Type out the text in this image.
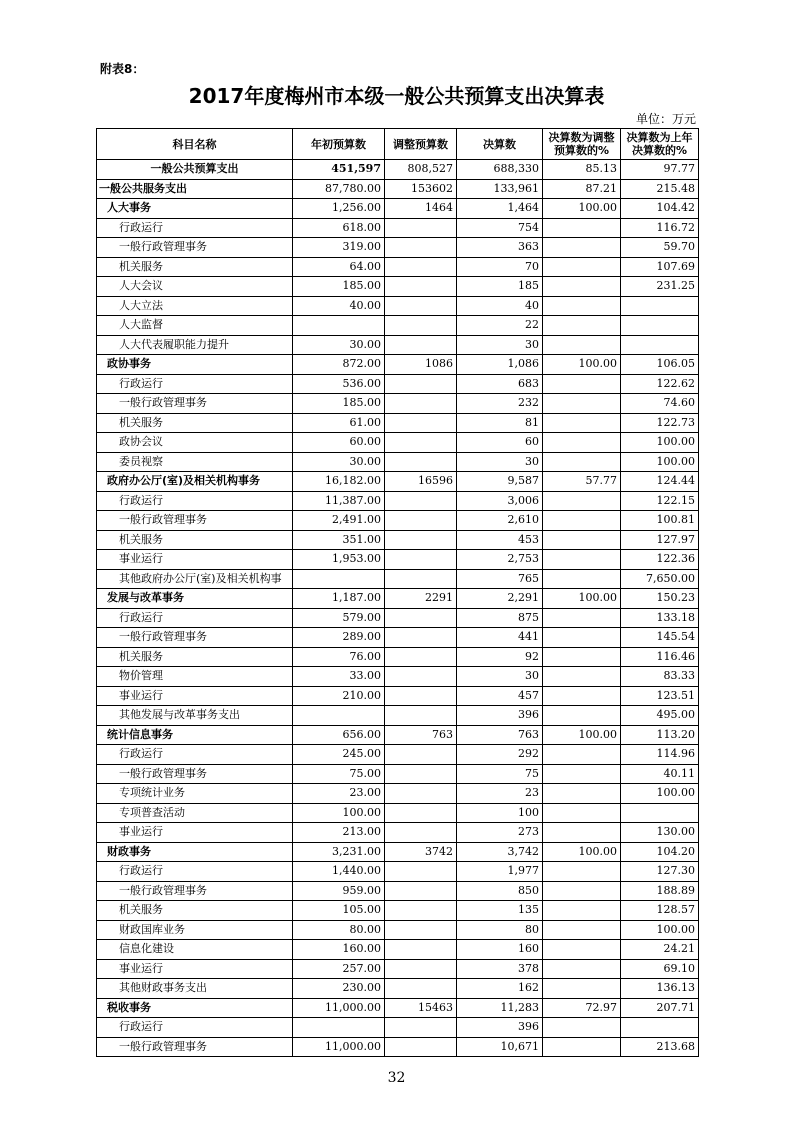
附表8：
2017年度梅州市本级一般公共预算支出决算表
单位：万元
科目名称	年初预算数	调整预算数	决算数	决算数为调整预算数的%	决算数为上年决算数的%
一般公共预算支出	451,597	808,527	688,330	85.13	97.77
一般公共服务支出	87,780.00	153602	133,961	87.21	215.48
人大事务	1,256.00	1464	1,464	100.00	104.42
行政运行	618.00		754		116.72
一般行政管理事务	319.00		363		59.70
机关服务	64.00		70		107.69
人大会议	185.00		185		231.25
人大立法	40.00		40		
人大监督			22		
人大代表履职能力提升	30.00		30		
政协事务	872.00	1086	1,086	100.00	106.05
行政运行	536.00		683		122.62
一般行政管理事务	185.00		232		74.60
机关服务	61.00		81		122.73
政协会议	60.00		60		100.00
委员视察	30.00		30		100.00
政府办公厅(室)及相关机构事务	16,182.00	16596	9,587	57.77	124.44
行政运行	11,387.00		3,006		122.15
一般行政管理事务	2,491.00		2,610		100.81
机关服务	351.00		453		127.97
事业运行	1,953.00		2,753		122.36
其他政府办公厅(室)及相关机构事			765		7,650.00
发展与改革事务	1,187.00	2291	2,291	100.00	150.23
行政运行	579.00		875		133.18
一般行政管理事务	289.00		441		145.54
机关服务	76.00		92		116.46
物价管理	33.00		30		83.33
事业运行	210.00		457		123.51
其他发展与改革事务支出			396		495.00
统计信息事务	656.00	763	763	100.00	113.20
行政运行	245.00		292		114.96
一般行政管理事务	75.00		75		40.11
专项统计业务	23.00		23		100.00
专项普查活动	100.00		100		
事业运行	213.00		273		130.00
财政事务	3,231.00	3742	3,742	100.00	104.20
行政运行	1,440.00		1,977		127.30
一般行政管理事务	959.00		850		188.89
机关服务	105.00		135		128.57
财政国库业务	80.00		80		100.00
信息化建设	160.00		160		24.21
事业运行	257.00		378		69.10
其他财政事务支出	230.00		162		136.13
税收事务	11,000.00	15463	11,283	72.97	207.71
行政运行			396		
一般行政管理事务	11,000.00		10,671		213.68
32
